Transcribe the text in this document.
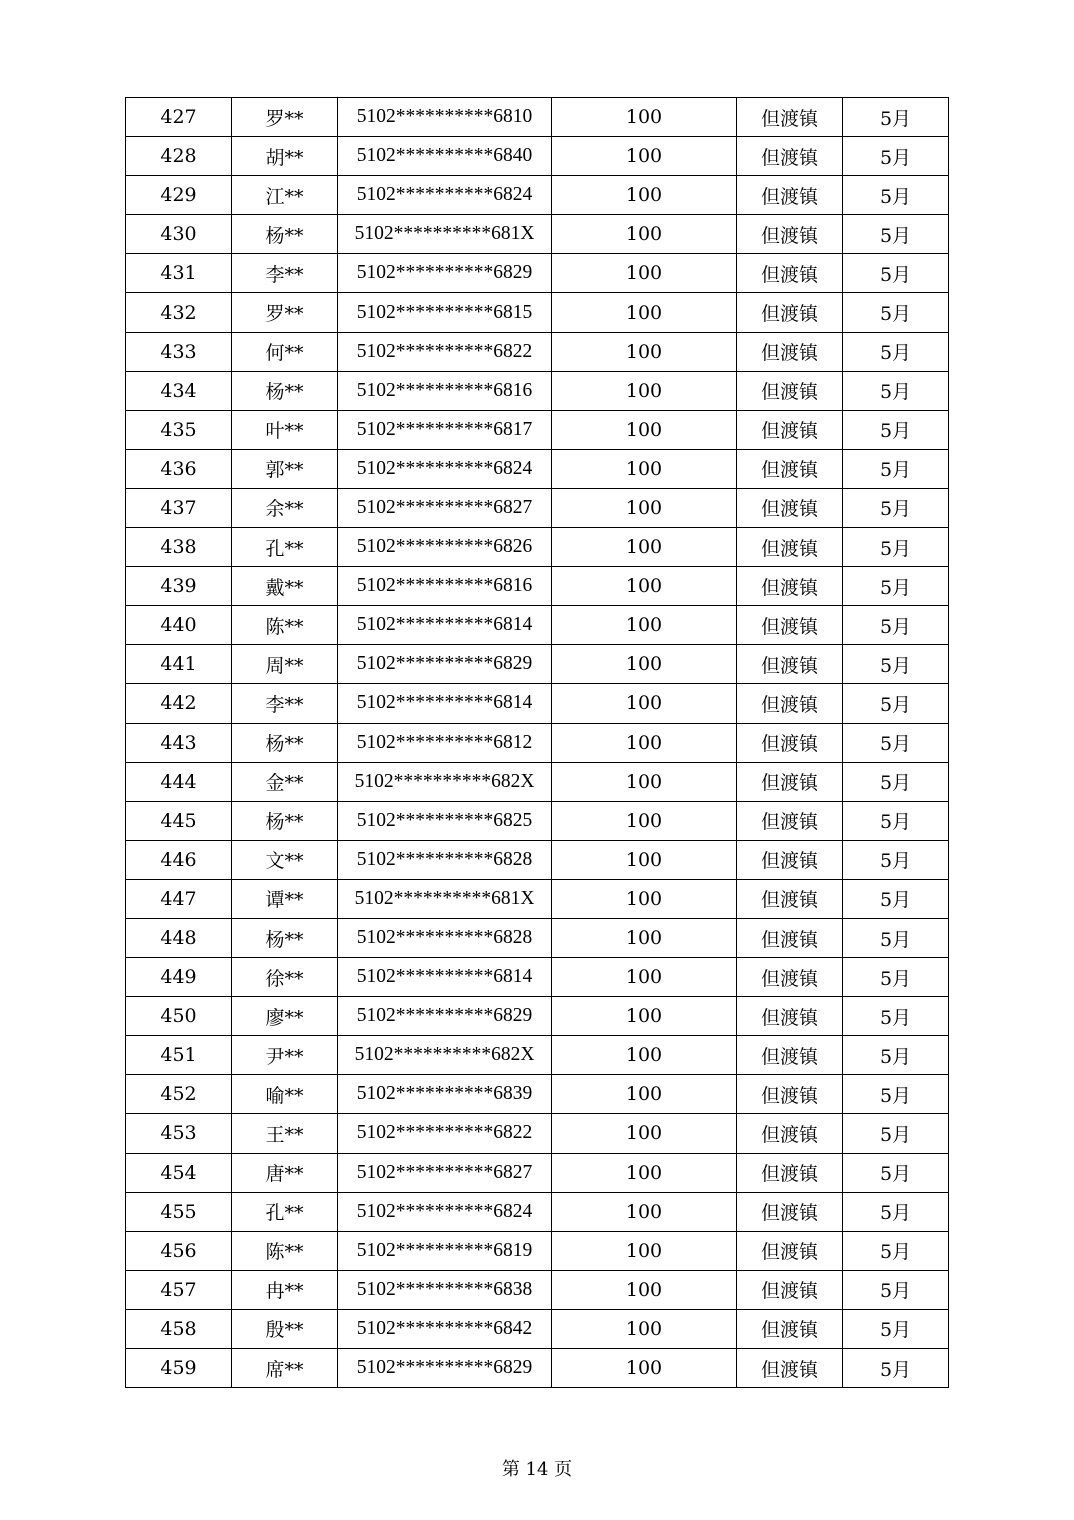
427	罗**	5102**********6810	100	但渡镇	5月
428	胡**	5102**********6840	100	但渡镇	5月
429	江**	5102**********6824	100	但渡镇	5月
430	杨**	5102**********681X	100	但渡镇	5月
431	李**	5102**********6829	100	但渡镇	5月
432	罗**	5102**********6815	100	但渡镇	5月
433	何**	5102**********6822	100	但渡镇	5月
434	杨**	5102**********6816	100	但渡镇	5月
435	叶**	5102**********6817	100	但渡镇	5月
436	郭**	5102**********6824	100	但渡镇	5月
437	余**	5102**********6827	100	但渡镇	5月
438	孔**	5102**********6826	100	但渡镇	5月
439	戴**	5102**********6816	100	但渡镇	5月
440	陈**	5102**********6814	100	但渡镇	5月
441	周**	5102**********6829	100	但渡镇	5月
442	李**	5102**********6814	100	但渡镇	5月
443	杨**	5102**********6812	100	但渡镇	5月
444	金**	5102**********682X	100	但渡镇	5月
445	杨**	5102**********6825	100	但渡镇	5月
446	文**	5102**********6828	100	但渡镇	5月
447	谭**	5102**********681X	100	但渡镇	5月
448	杨**	5102**********6828	100	但渡镇	5月
449	徐**	5102**********6814	100	但渡镇	5月
450	廖**	5102**********6829	100	但渡镇	5月
451	尹**	5102**********682X	100	但渡镇	5月
452	喻**	5102**********6839	100	但渡镇	5月
453	王**	5102**********6822	100	但渡镇	5月
454	唐**	5102**********6827	100	但渡镇	5月
455	孔**	5102**********6824	100	但渡镇	5月
456	陈**	5102**********6819	100	但渡镇	5月
457	冉**	5102**********6838	100	但渡镇	5月
458	殷**	5102**********6842	100	但渡镇	5月
459	席**	5102**********6829	100	但渡镇	5月
第 14 页
